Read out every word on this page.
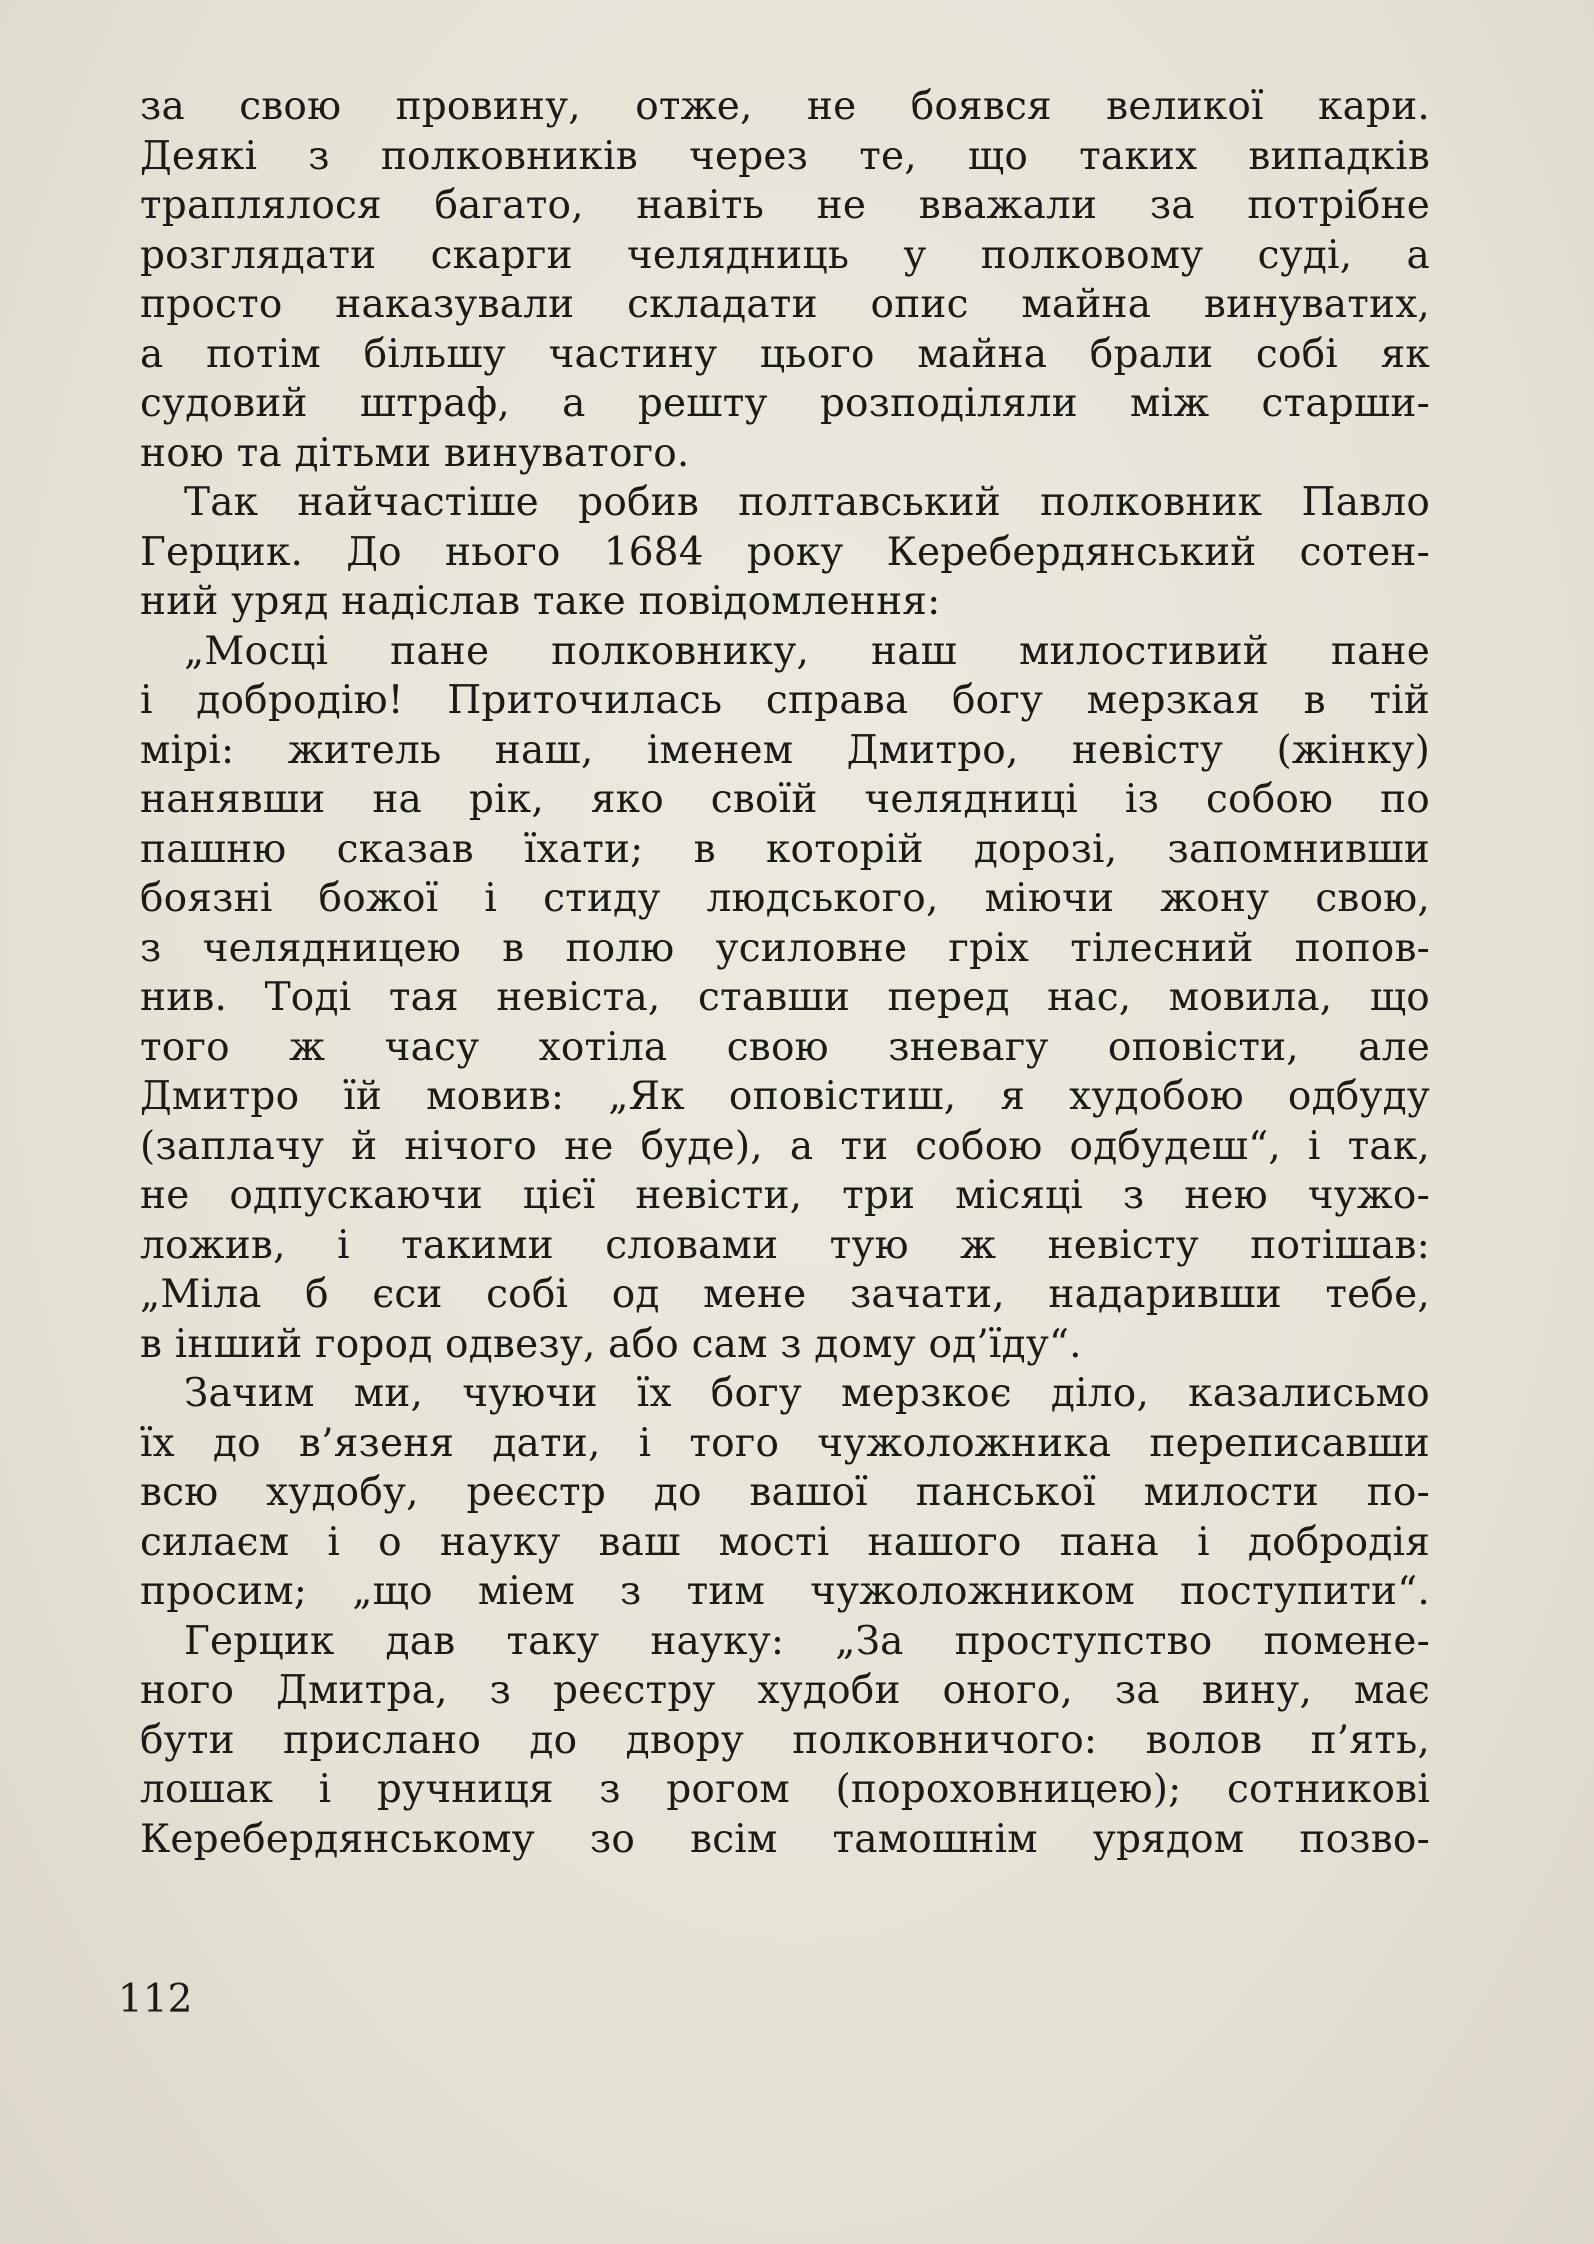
за свою провину, отже, не боявся великої кари.
Деякі з полковників через те, що таких випадків
траплялося багато, навіть не вважали за потрібне
розглядати скарги челядниць у полковому суді, а
просто наказували складати опис майна винуватих,
а потім більшу частину цього майна брали собі як
судовий штраф, а решту розподіляли між старши-
ною та дітьми винуватого.
Так найчастіше робив полтавський полковник Павло
Герцик. До нього 1684 року Керебердянський сотен-
ний уряд надіслав таке повідомлення:
„Мосці пане полковнику, наш милостивий пане
і добродію! Приточилась справа богу мерзкая в тій
мірі: житель наш, іменем Дмитро, невісту (жінку)
нанявши на рік, яко своїй челядниці із собою по
пашню сказав їхати; в которій дорозі, запомнивши
боязні божої і стиду людського, міючи жону свою,
з челядницею в полю усиловне гріх тілесний попов-
нив. Тоді тая невіста, ставши перед нас, мовила, що
того ж часу хотіла свою зневагу оповісти, але
Дмитро їй мовив: „Як оповістиш, я худобою одбуду
(заплачу й нічого не буде), а ти собою одбудеш“, і так,
не одпускаючи цієї невісти, три місяці з нею чужо-
ложив, і такими словами тую ж невісту потішав:
„Міла б єси собі од мене зачати, надаривши тебе,
в інший город одвезу, або сам з дому од’їду“.
Зачим ми, чуючи їх богу мерзкоє діло, казалисьмо
їх до в’язеня дати, і того чужоложника переписавши
всю худобу, реєстр до вашої панської милости по-
силаєм і о науку ваш мості нашого пана і добродія
просим; „що міем з тим чужоложником поступити“.
Герцик дав таку науку: „За проступство помене-
ного Дмитра, з реєстру худоби оного, за вину, має
бути прислано до двору полковничого: волов п’ять,
лошак і ручниця з рогом (пороховницею); сотникові
Керебердянському зо всім тамошнім урядом позво-
112
